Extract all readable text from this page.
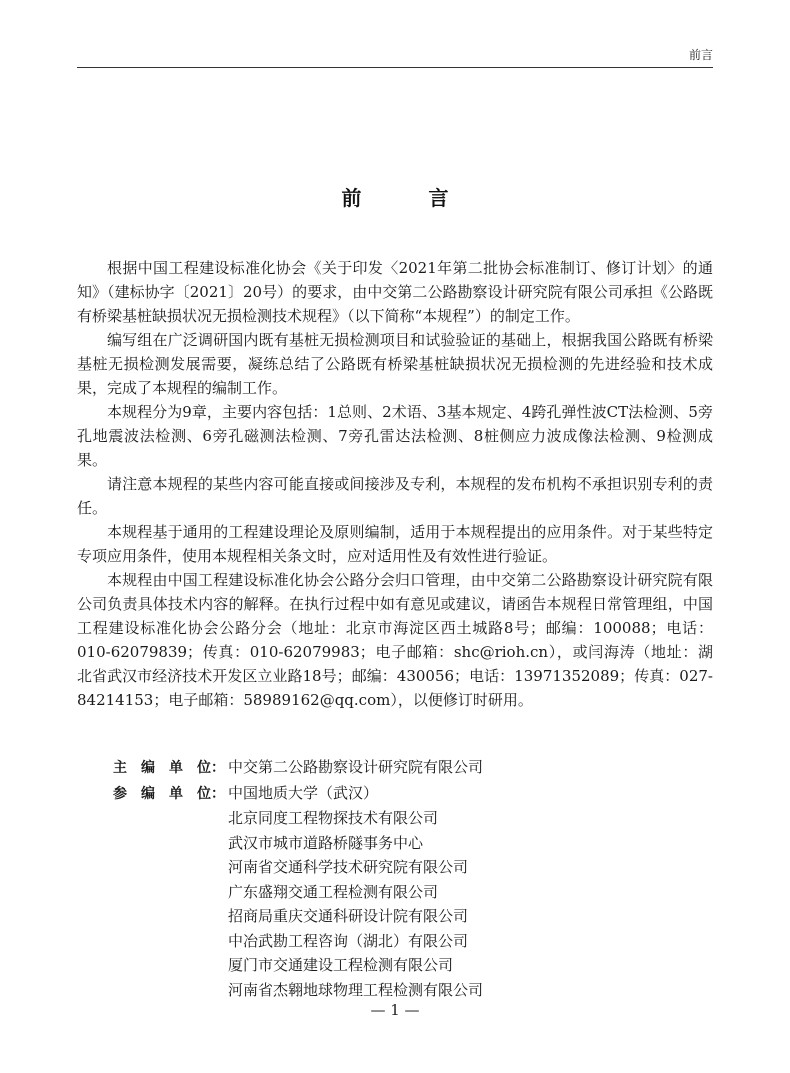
前言
前 言

根据中国工程建设标准化协会《关于印发〈2021年第二批协会标准制订、修订计划〉的通知》（建标协字〔2021〕20号）的要求，由中交第二公路勘察设计研究院有限公司承担《公路既有桥梁基桩缺损状况无损检测技术规程》（以下简称“本规程”）的制定工作。

编写组在广泛调研国内既有基桩无损检测项目和试验验证的基础上，根据我国公路既有桥梁基桩无损检测发展需要，凝练总结了公路既有桥梁基桩缺损状况无损检测的先进经验和技术成果，完成了本规程的编制工作。

本规程分为9章，主要内容包括：1总则、2术语、3基本规定、4跨孔弹性波CT法检测、5旁孔地震波法检测、6旁孔磁测法检测、7旁孔雷达法检测、8桩侧应力波成像法检测、9检测成果。

请注意本规程的某些内容可能直接或间接涉及专利，本规程的发布机构不承担识别专利的责任。

本规程基于通用的工程建设理论及原则编制，适用于本规程提出的应用条件。对于某些特定专项应用条件，使用本规程相关条文时，应对适用性及有效性进行验证。

本规程由中国工程建设标准化协会公路分会归口管理，由中交第二公路勘察设计研究院有限公司负责具体技术内容的解释。在执行过程中如有意见或建议，请函告本规程日常管理组，中国工程建设标准化协会公路分会（地址：北京市海淀区西土城路8号；邮编：100088；电话：010-62079839；传真：010-62079983；电子邮箱：shc@rioh.cn），或闫海涛（地址：湖北省武汉市经济技术开发区立业路18号；邮编：430056；电话：13971352089；传真：027-84214153；电子邮箱：58989162@qq.com），以便修订时研用。

主　编　单　位： 中交第二公路勘察设计研究院有限公司
参　编　单　位： 中国地质大学（武汉）
北京同度工程物探技术有限公司
武汉市城市道路桥隧事务中心
河南省交通科学技术研究院有限公司
广东盛翔交通工程检测有限公司
招商局重庆交通科研设计院有限公司
中冶武勘工程咨询（湖北）有限公司
厦门市交通建设工程检测有限公司
河南省杰翱地球物理工程检测有限公司
— 1 —
